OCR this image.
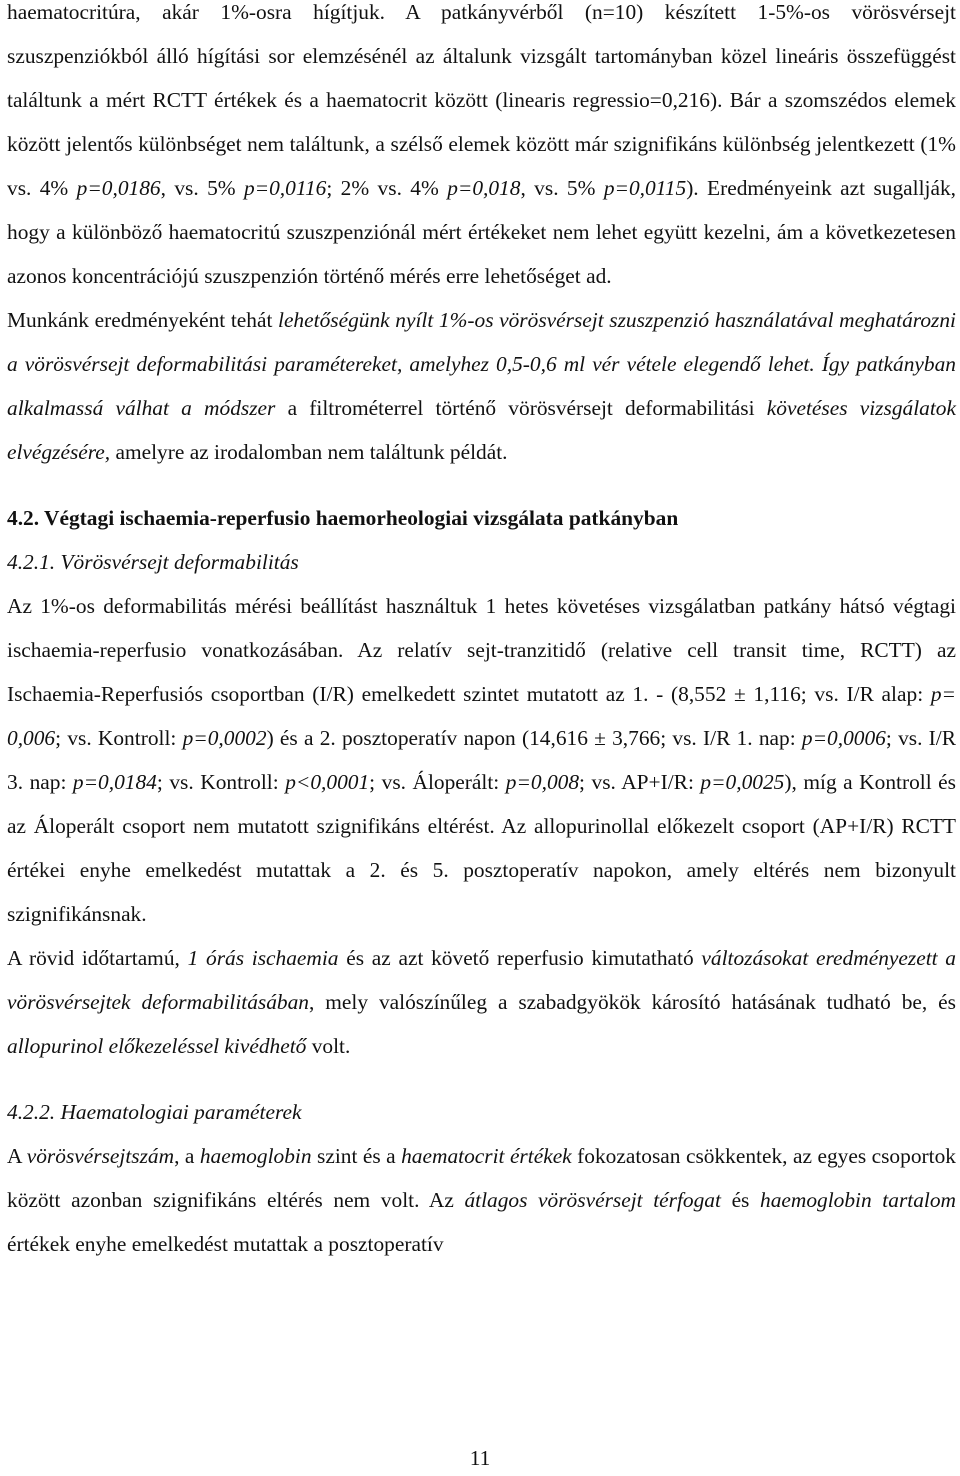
haematocritúra, akár 1%-osra hígítjuk. A patkányvérből (n=10) készített 1-5%-os vörösvérsejt szuszpenziókból álló hígítási sor elemzésénél az általunk vizsgált tartományban közel lineáris összefüggést találtunk a mért RCTT értékek és a haematocrit között (linearis regressio=0,216). Bár a szomszédos elemek között jelentős különbséget nem találtunk, a szélső elemek között már szignifikáns különbség jelentkezett (1% vs. 4% p=0,0186, vs. 5% p=0,0116; 2% vs. 4% p=0,018, vs. 5% p=0,0115). Eredményeink azt sugallják, hogy a különböző haematocritú szuszpenziónál mért értékeket nem lehet együtt kezelni, ám a következetesen azonos koncentrációjú szuszpenzión történő mérés erre lehetőséget ad.

Munkánk eredményeként tehát lehetőségünk nyílt 1%-os vörösvérsejt szuszpenzió használatával meghatározni a vörösvérsejt deformabilitási paramétereket, amelyhez 0,5-0,6 ml vér vétele elegendő lehet. Így patkányban alkalmassá válhat a módszer a filtrométerrel történő vörösvérsejt deformabilitási követéses vizsgálatok elvégzésére, amelyre az irodalomban nem találtunk példát.

4.2. Végtagi ischaemia-reperfusio haemorheologiai vizsgálata patkányban
4.2.1. Vörösvérsejt deformabilitás

Az 1%-os deformabilitás mérési beállítást használtuk 1 hetes követéses vizsgálatban patkány hátsó végtagi ischaemia-reperfusio vonatkozásában. Az relatív sejt-tranzitidő (relative cell transit time, RCTT) az Ischaemia-Reperfusiós csoportban (I/R) emelkedett szintet mutatott az 1. - (8,552 ± 1,116; vs. I/R alap: p= 0,006; vs. Kontroll: p=0,0002) és a 2. posztoperatív napon (14,616 ± 3,766; vs. I/R 1. nap: p=0,0006; vs. I/R 3. nap: p=0,0184; vs. Kontroll: p<0,0001; vs. Áloperált: p=0,008; vs. AP+I/R: p=0,0025), míg a Kontroll és az Áloperált csoport nem mutatott szignifikáns eltérést. Az allopurinollal előkezelt csoport (AP+I/R) RCTT értékei enyhe emelkedést mutattak a 2. és 5. posztoperatív napokon, amely eltérés nem bizonyult szignifikánsnak.

A rövid időtartamú, 1 órás ischaemia és az azt követő reperfusio kimutatható változásokat eredményezett a vörösvérsejtek deformabilitásában, mely valószínűleg a szabadgyökök károsító hatásának tudható be, és allopurinol előkezeléssel kivédhető volt.

4.2.2. Haematologiai paraméterek

A vörösvérsejtszám, a haemoglobin szint és a haematocrit értékek fokozatosan csökkentek, az egyes csoportok között azonban szignifikáns eltérés nem volt. Az átlagos vörösvérsejt térfogat és haemoglobin tartalom értékek enyhe emelkedést mutattak a posztoperatív

11
